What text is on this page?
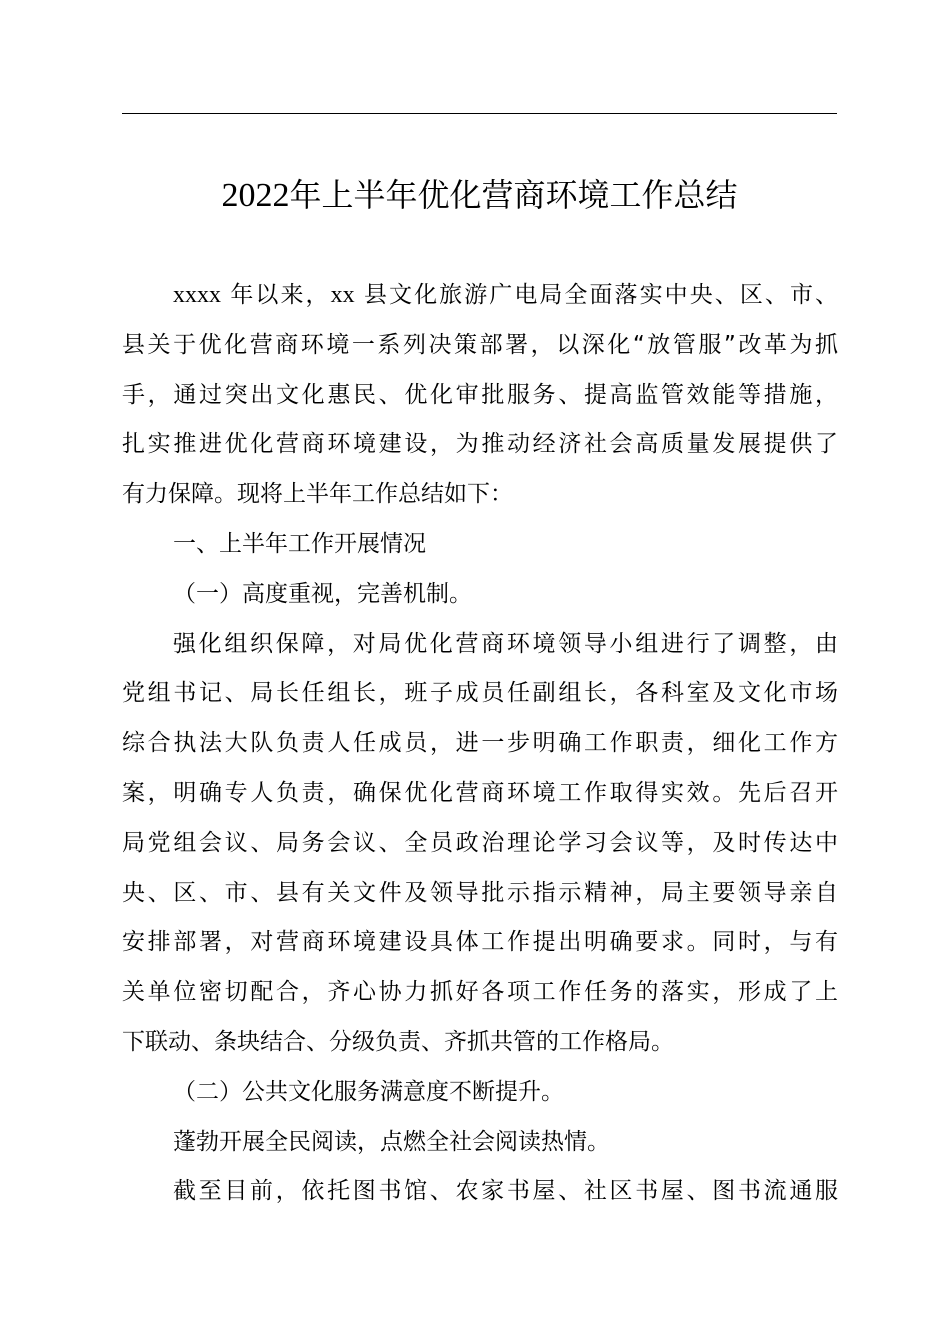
2022年上半年优化营商环境工作总结
xxxx 年以来，xx 县文化旅游广电局全面落实中央、区、市、
县关于优化营商环境一系列决策部署，以深化“放管服”改革为抓
手，通过突出文化惠民、优化审批服务、提高监管效能等措施，
扎实推进优化营商环境建设，为推动经济社会高质量发展提供了
有力保障。现将上半年工作总结如下：
一、上半年工作开展情况
（一）高度重视，完善机制。
强化组织保障，对局优化营商环境领导小组进行了调整，由
党组书记、局长任组长，班子成员任副组长，各科室及文化市场
综合执法大队负责人任成员，进一步明确工作职责，细化工作方
案，明确专人负责，确保优化营商环境工作取得实效。先后召开
局党组会议、局务会议、全员政治理论学习会议等，及时传达中
央、区、市、县有关文件及领导批示指示精神，局主要领导亲自
安排部署，对营商环境建设具体工作提出明确要求。同时，与有
关单位密切配合，齐心协力抓好各项工作任务的落实，形成了上
下联动、条块结合、分级负责、齐抓共管的工作格局。
（二）公共文化服务满意度不断提升。
蓬勃开展全民阅读，点燃全社会阅读热情。
截至目前，依托图书馆、农家书屋、社区书屋、图书流通服
